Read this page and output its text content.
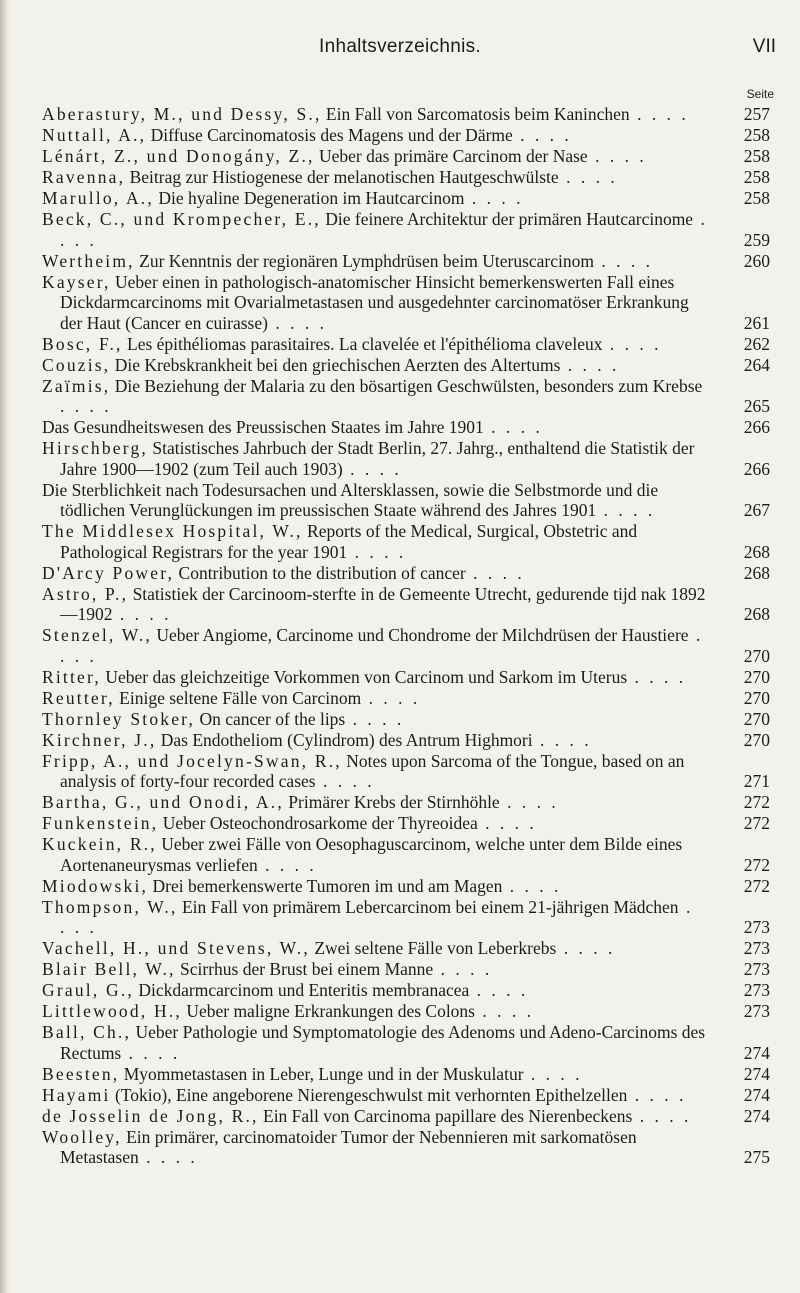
Inhaltsverzeichnis.	VII
Seite

Aberastury, M., und Dessy, S., Ein Fall von Sarcomatosis beim Kaninchen . . . .	257

Nuttall, A., Diffuse Carcinomatosis des Magens und der Därme . . . .	258

Lénárt, Z., und Donogány, Z., Ueber das primäre Carcinom der Nase . . . .	258

Ravenna, Beitrag zur Histiogenese der melanotischen Hautgeschwülste . . . .	258

Marullo, A., Die hyaline Degeneration im Hautcarcinom . . . .	258

Beck, C., und Krompecher, E., Die feinere Architektur der primären Hautcarcinome . . . .	259

Wertheim, Zur Kenntnis der regionären Lymphdrüsen beim Uteruscarcinom . . . .	260

Kayser, Ueber einen in pathologisch-anatomischer Hinsicht bemerkenswerten Fall eines Dickdarmcarcinoms mit Ovarialmetastasen und ausgedehnter carcinomatöser Erkrankung der Haut (Cancer en cuirasse) . . . .	261

Bosc, F., Les épithéliomas parasitaires. La clavelée et l'épithélioma claveleux . . . .	262

Couzis, Die Krebskrankheit bei den griechischen Aerzten des Altertums . . . .	264

Zaïmis, Die Beziehung der Malaria zu den bösartigen Geschwülsten, besonders zum Krebse . . . .	265

Das Gesundheitswesen des Preussischen Staates im Jahre 1901 . . . .	266

Hirschberg, Statistisches Jahrbuch der Stadt Berlin, 27. Jahrg., enthaltend die Statistik der Jahre 1900—1902 (zum Teil auch 1903) . . . .	266

Die Sterblichkeit nach Todesursachen und Altersklassen, sowie die Selbstmorde und die tödlichen Verunglückungen im preussischen Staate während des Jahres 1901 . . . .	267

The Middlesex Hospital, W., Reports of the Medical, Surgical, Obstetric and Pathological Registrars for the year 1901 . . . .	268

D'Arcy Power, Contribution to the distribution of cancer . . . .	268

Astro, P., Statistiek der Carcinoom-sterfte in de Gemeente Utrecht, gedurende tijd nak 1892—1902 . . . .	268

Stenzel, W., Ueber Angiome, Carcinome und Chondrome der Milchdrüsen der Haustiere . . . .	270

Ritter, Ueber das gleichzeitige Vorkommen von Carcinom und Sarkom im Uterus . . . .	270

Reutter, Einige seltene Fälle von Carcinom . . . .	270

Thornley Stoker, On cancer of the lips . . . .	270

Kirchner, J., Das Endotheliom (Cylindrom) des Antrum Highmori . . . .	270

Fripp, A., und Jocelyn-Swan, R., Notes upon Sarcoma of the Tongue, based on an analysis of forty-four recorded cases . . . .	271

Bartha, G., und Onodi, A., Primärer Krebs der Stirnhöhle . . . .	272

Funkenstein, Ueber Osteochondrosarkome der Thyreoidea . . . .	272

Kuckein, R., Ueber zwei Fälle von Oesophaguscarcinom, welche unter dem Bilde eines Aortenaneurysmas verliefen . . . .	272

Miodowski, Drei bemerkenswerte Tumoren im und am Magen . . . .	272

Thompson, W., Ein Fall von primärem Lebercarcinom bei einem 21-jährigen Mädchen . . . .	273

Vachell, H., und Stevens, W., Zwei seltene Fälle von Leberkrebs . . . .	273

Blair Bell, W., Scirrhus der Brust bei einem Manne . . . .	273

Graul, G., Dickdarmcarcinom und Enteritis membranacea . . . .	273

Littlewood, H., Ueber maligne Erkrankungen des Colons . . . .	273

Ball, Ch., Ueber Pathologie und Symptomatologie des Adenoms und Adeno-Carcinoms des Rectums . . . .	274

Beesten, Myommetastasen in Leber, Lunge und in der Muskulatur . . . .	274

Hayami (Tokio), Eine angeborene Nierengeschwulst mit verhornten Epithelzellen . . . .	274

de Josselin de Jong, R., Ein Fall von Carcinoma papillare des Nierenbeckens . . . .	274

Woolley, Ein primärer, carcinomatoider Tumor der Nebennieren mit sarkomatösen Metastasen . . . .	275
